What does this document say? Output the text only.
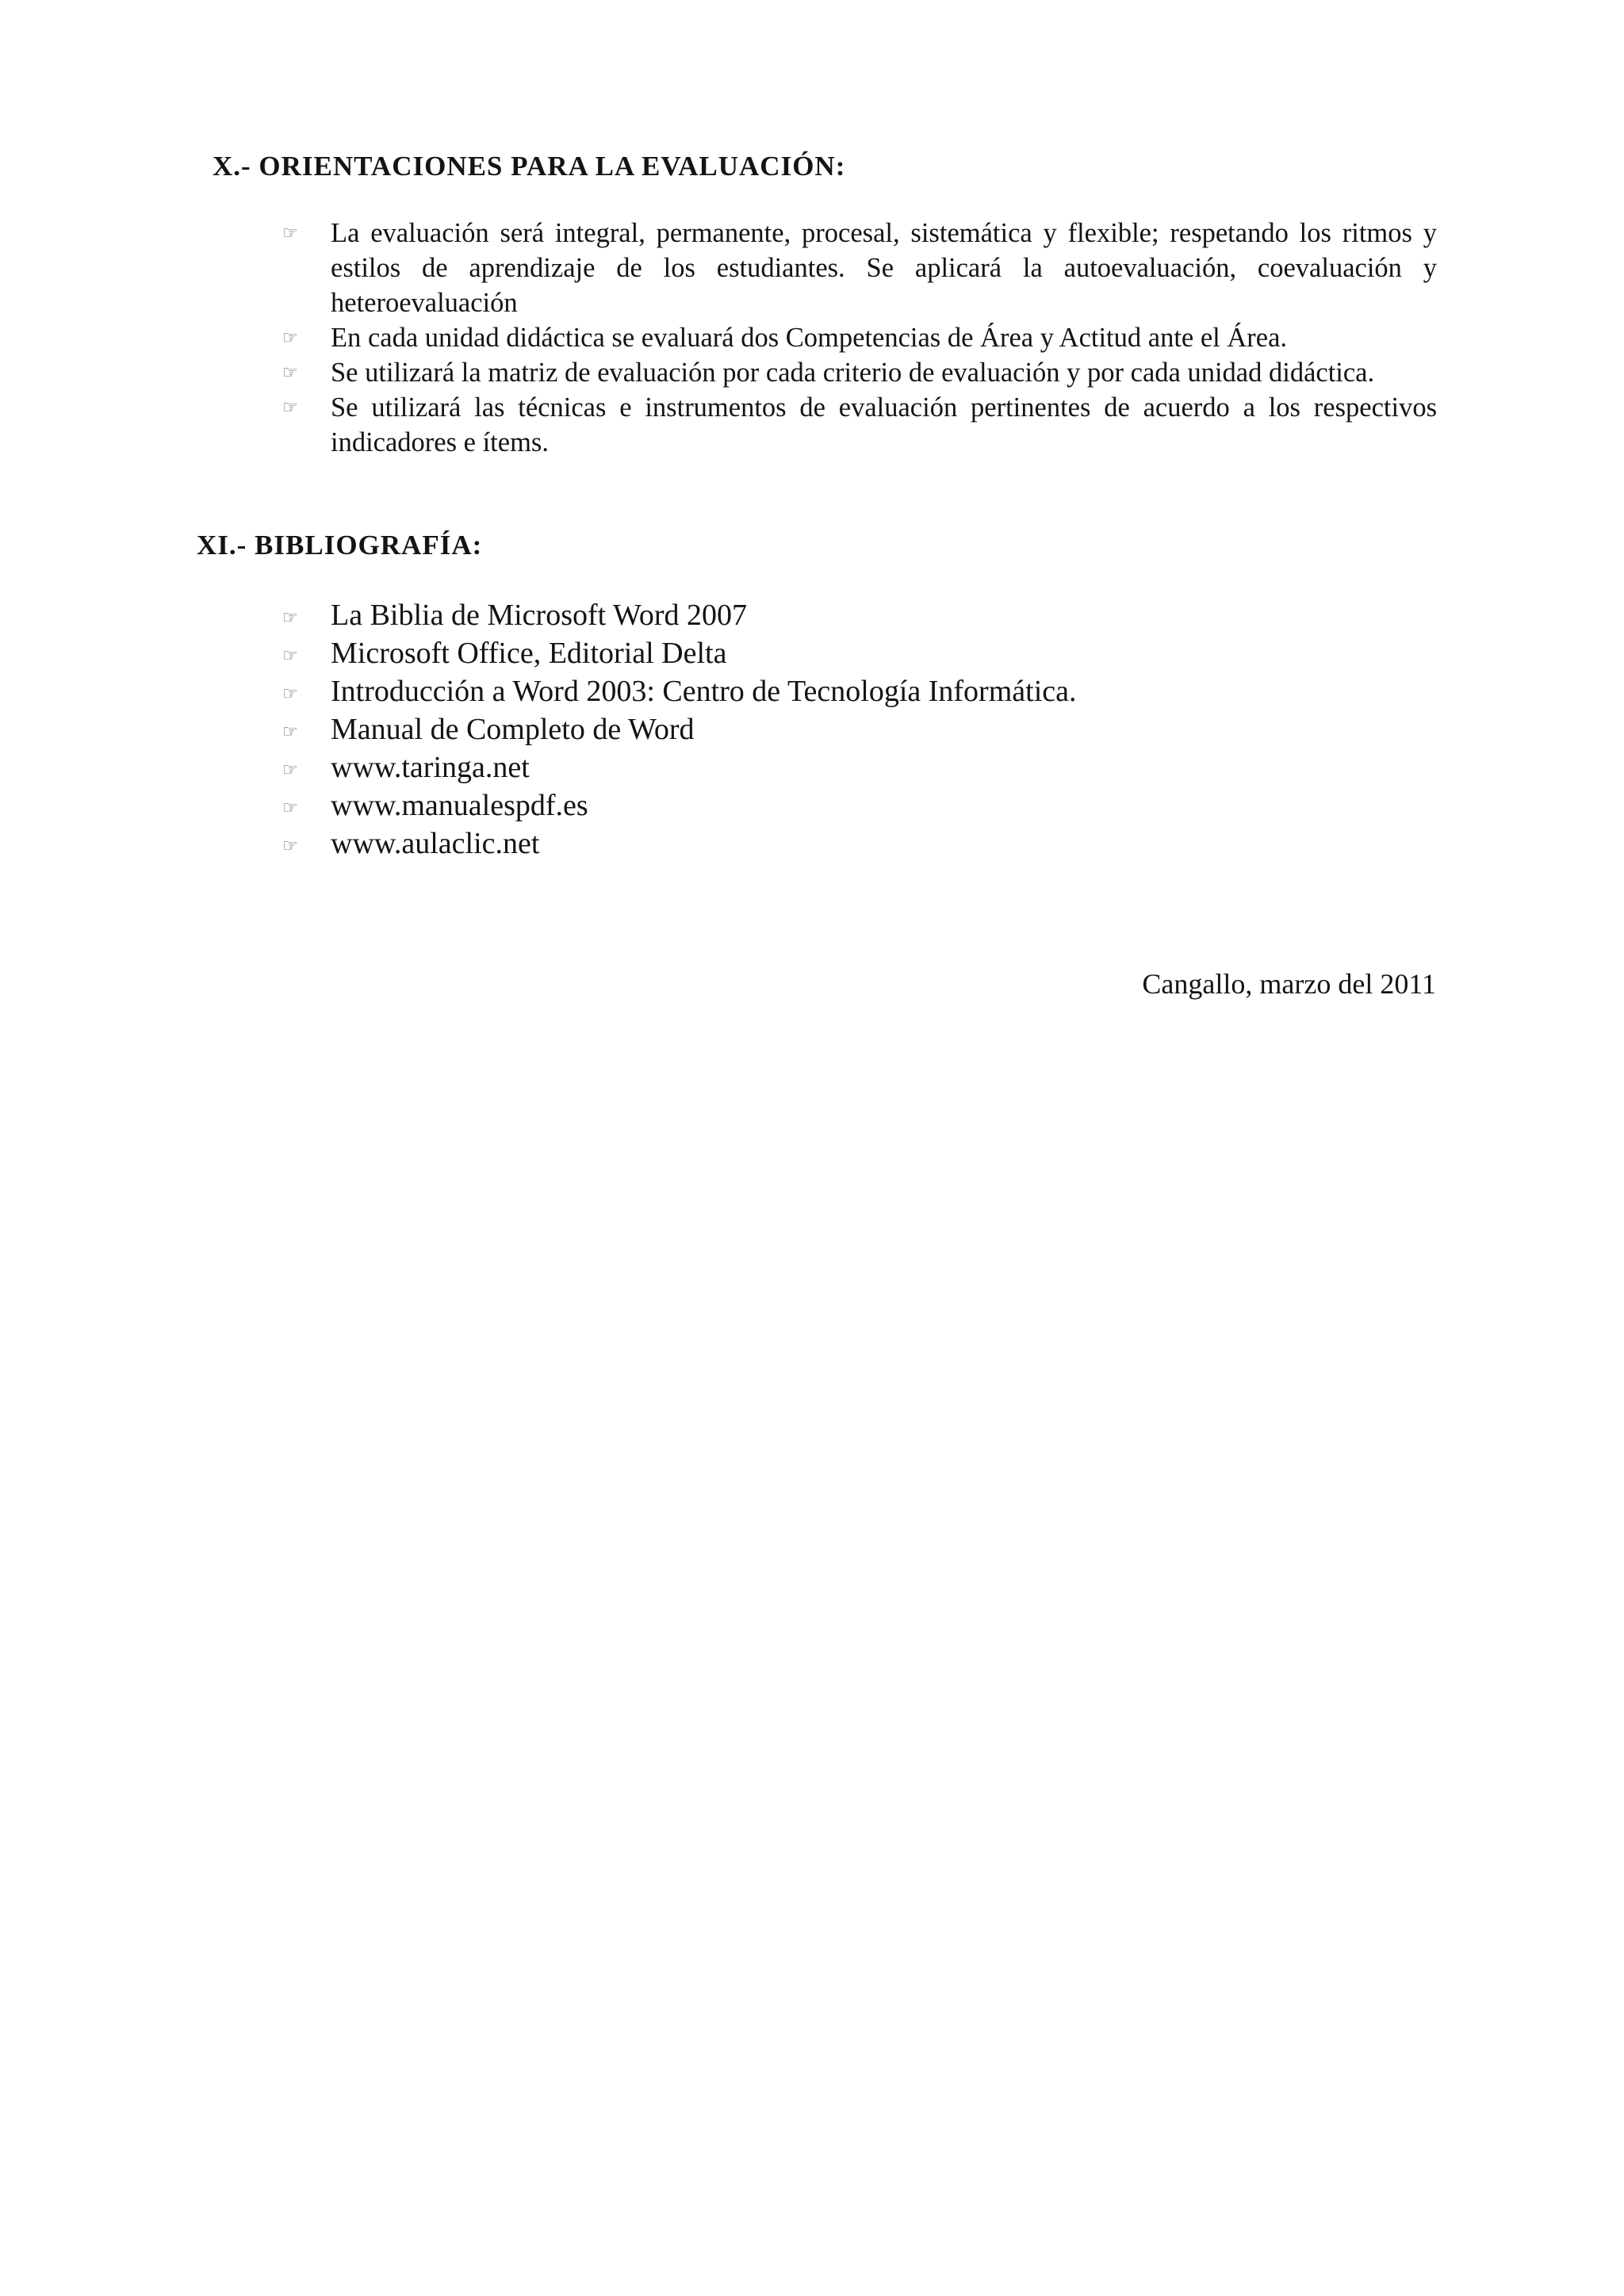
X.- ORIENTACIONES PARA LA EVALUACIÓN:
☞ La evaluación será integral, permanente, procesal, sistemática y flexible; respetando los ritmos y estilos de aprendizaje de los estudiantes. Se aplicará la autoevaluación, coevaluación y heteroevaluación
☞ En cada unidad didáctica se evaluará dos Competencias de Área y Actitud ante el Área.
☞ Se utilizará la matriz de evaluación por cada criterio de evaluación y por cada unidad didáctica.
☞ Se utilizará las técnicas e instrumentos de evaluación pertinentes de acuerdo a los respectivos indicadores e ítems.
XI.- BIBLIOGRAFÍA:
☞ La Biblia de Microsoft Word 2007
☞ Microsoft Office, Editorial Delta
☞ Introducción a Word 2003: Centro de Tecnología Informática.
☞ Manual de Completo de Word
☞ www.taringa.net
☞ www.manualespdf.es
☞ www.aulaclic.net
Cangallo, marzo del 2011
